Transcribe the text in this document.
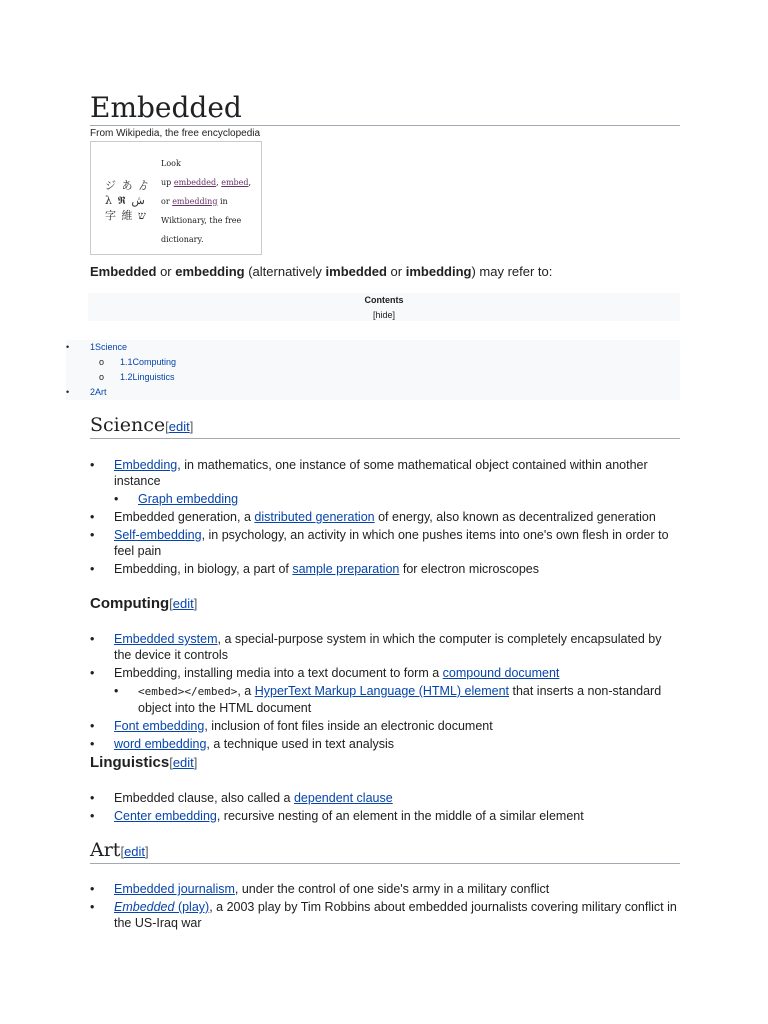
Embedded
From Wikipedia, the free encyclopedia
ジ あ ゟ λ 𝕽 ش 字 維 ש
Look
up embedded, embed,
or embedding in Wiktionary, the free dictionary.
Embedded or embedding (alternatively imbedded or imbedding) may refer to:
Contents
[hide]
• 1Science
o 1.1Computing
o 1.2Linguistics
• 2Art
Science[edit]
• Embedding, in mathematics, one instance of some mathematical object contained within another instance
• Graph embedding
• Embedded generation, a distributed generation of energy, also known as decentralized generation
• Self-embedding, in psychology, an activity in which one pushes items into one's own flesh in order to feel pain
• Embedding, in biology, a part of sample preparation for electron microscopes
Computing[edit]
• Embedded system, a special-purpose system in which the computer is completely encapsulated by the device it controls
• Embedding, installing media into a text document to form a compound document
• <embed></embed>, a HyperText Markup Language (HTML) element that inserts a non-standard object into the HTML document
• Font embedding, inclusion of font files inside an electronic document
• word embedding, a technique used in text analysis
Linguistics[edit]
• Embedded clause, also called a dependent clause
• Center embedding, recursive nesting of an element in the middle of a similar element
Art[edit]
• Embedded journalism, under the control of one side's army in a military conflict
• Embedded (play), a 2003 play by Tim Robbins about embedded journalists covering military conflict in the US-Iraq war
